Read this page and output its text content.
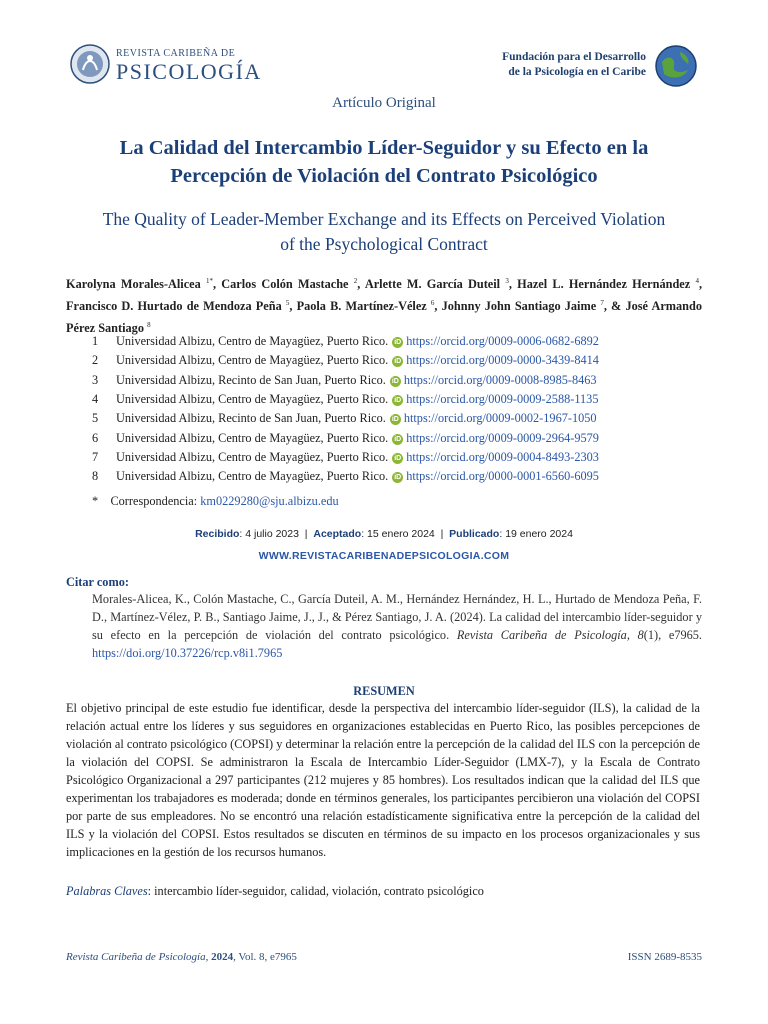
REVISTA CARIBEÑA DE
PSICOLOGÍA
Fundación para el Desarrollo
de la Psicología en el Caribe
Artículo Original
La Calidad del Intercambio Líder-Seguidor y su Efecto en la
Percepción de Violación del Contrato Psicológico
The Quality of Leader-Member Exchange and its Effects on Perceived Violation
of the Psychological Contract
Karolyna Morales-Alicea $^{1*}$, Carlos Colón Mastache $^2$, Arlette M. García Duteil $^3$, Hazel L. Hernández Hernández $^4$, Francisco D. Hurtado de Mendoza Peña $^5$, Paola B. Martínez-Vélez $^6$, Johnny John Santiago Jaime $^7$, & José Armando Pérez Santiago $^8$
1 Universidad Albizu, Centro de Mayagüez, Puerto Rico. iD https://orcid.org/0009-0006-0682-6892
2 Universidad Albizu, Centro de Mayagüez, Puerto Rico. iD https://orcid.org/0009-0000-3439-8414
3 Universidad Albizu, Recinto de San Juan, Puerto Rico. iD https://orcid.org/0009-0008-8985-8463
4 Universidad Albizu, Centro de Mayagüez, Puerto Rico. iD https://orcid.org/0009-0009-2588-1135
5 Universidad Albizu, Recinto de San Juan, Puerto Rico. iD https://orcid.org/0009-0002-1967-1050
6 Universidad Albizu, Centro de Mayagüez, Puerto Rico. iD https://orcid.org/0009-0009-2964-9579
7 Universidad Albizu, Centro de Mayagüez, Puerto Rico. iD https://orcid.org/0009-0004-8493-2303
8 Universidad Albizu, Centro de Mayagüez, Puerto Rico. iD https://orcid.org/0000-0001-6560-6095
* Correspondencia: km0229280@sju.albizu.edu
Recibido: 4 julio 2023  |  Aceptado: 15 enero 2024  |  Publicado: 19 enero 2024
WWW.REVISTACARIBENADEPSICOLOGIA.COM
Citar como:
Morales-Alicea, K., Colón Mastache, C., García Duteil, A. M., Hernández Hernández, H. L., Hurtado de Mendoza Peña, F. D., Martínez-Vélez, P. B., Santiago Jaime, J., J., & Pérez Santiago, J. A. (2024). La calidad del intercambio líder-seguidor y su efecto en la percepción de violación del contrato psicológico. Revista Caribeña de Psicología, 8(1), e7965. https://doi.org/10.37226/rcp.v8i1.7965
RESUMEN
El objetivo principal de este estudio fue identificar, desde la perspectiva del intercambio líder-seguidor (ILS), la calidad de la relación actual entre los líderes y sus seguidores en organizaciones establecidas en Puerto Rico, las posibles percepciones de violación al contrato psicológico (COPSI) y determinar la relación entre la percepción de la calidad del ILS con la percepción de la violación del COPSI. Se administraron la Escala de Intercambio Líder-Seguidor (LMX-7), y la Escala de Contrato Psicológico Organizacional a 297 participantes (212 mujeres y 85 hombres). Los resultados indican que la calidad del ILS que experimentan los trabajadores es moderada; donde en términos generales, los participantes percibieron una violación del COPSI por parte de sus empleadores. No se encontró una relación estadísticamente significativa entre la percepción de la calidad del ILS y la violación del COPSI. Estos resultados se discuten en términos de su impacto en los procesos organizacionales y sus implicaciones en la gestión de los recursos humanos.
Palabras Claves: intercambio líder-seguidor, calidad, violación, contrato psicológico
Revista Caribeña de Psicología, 2024, Vol. 8, e7965	ISSN 2689-8535
